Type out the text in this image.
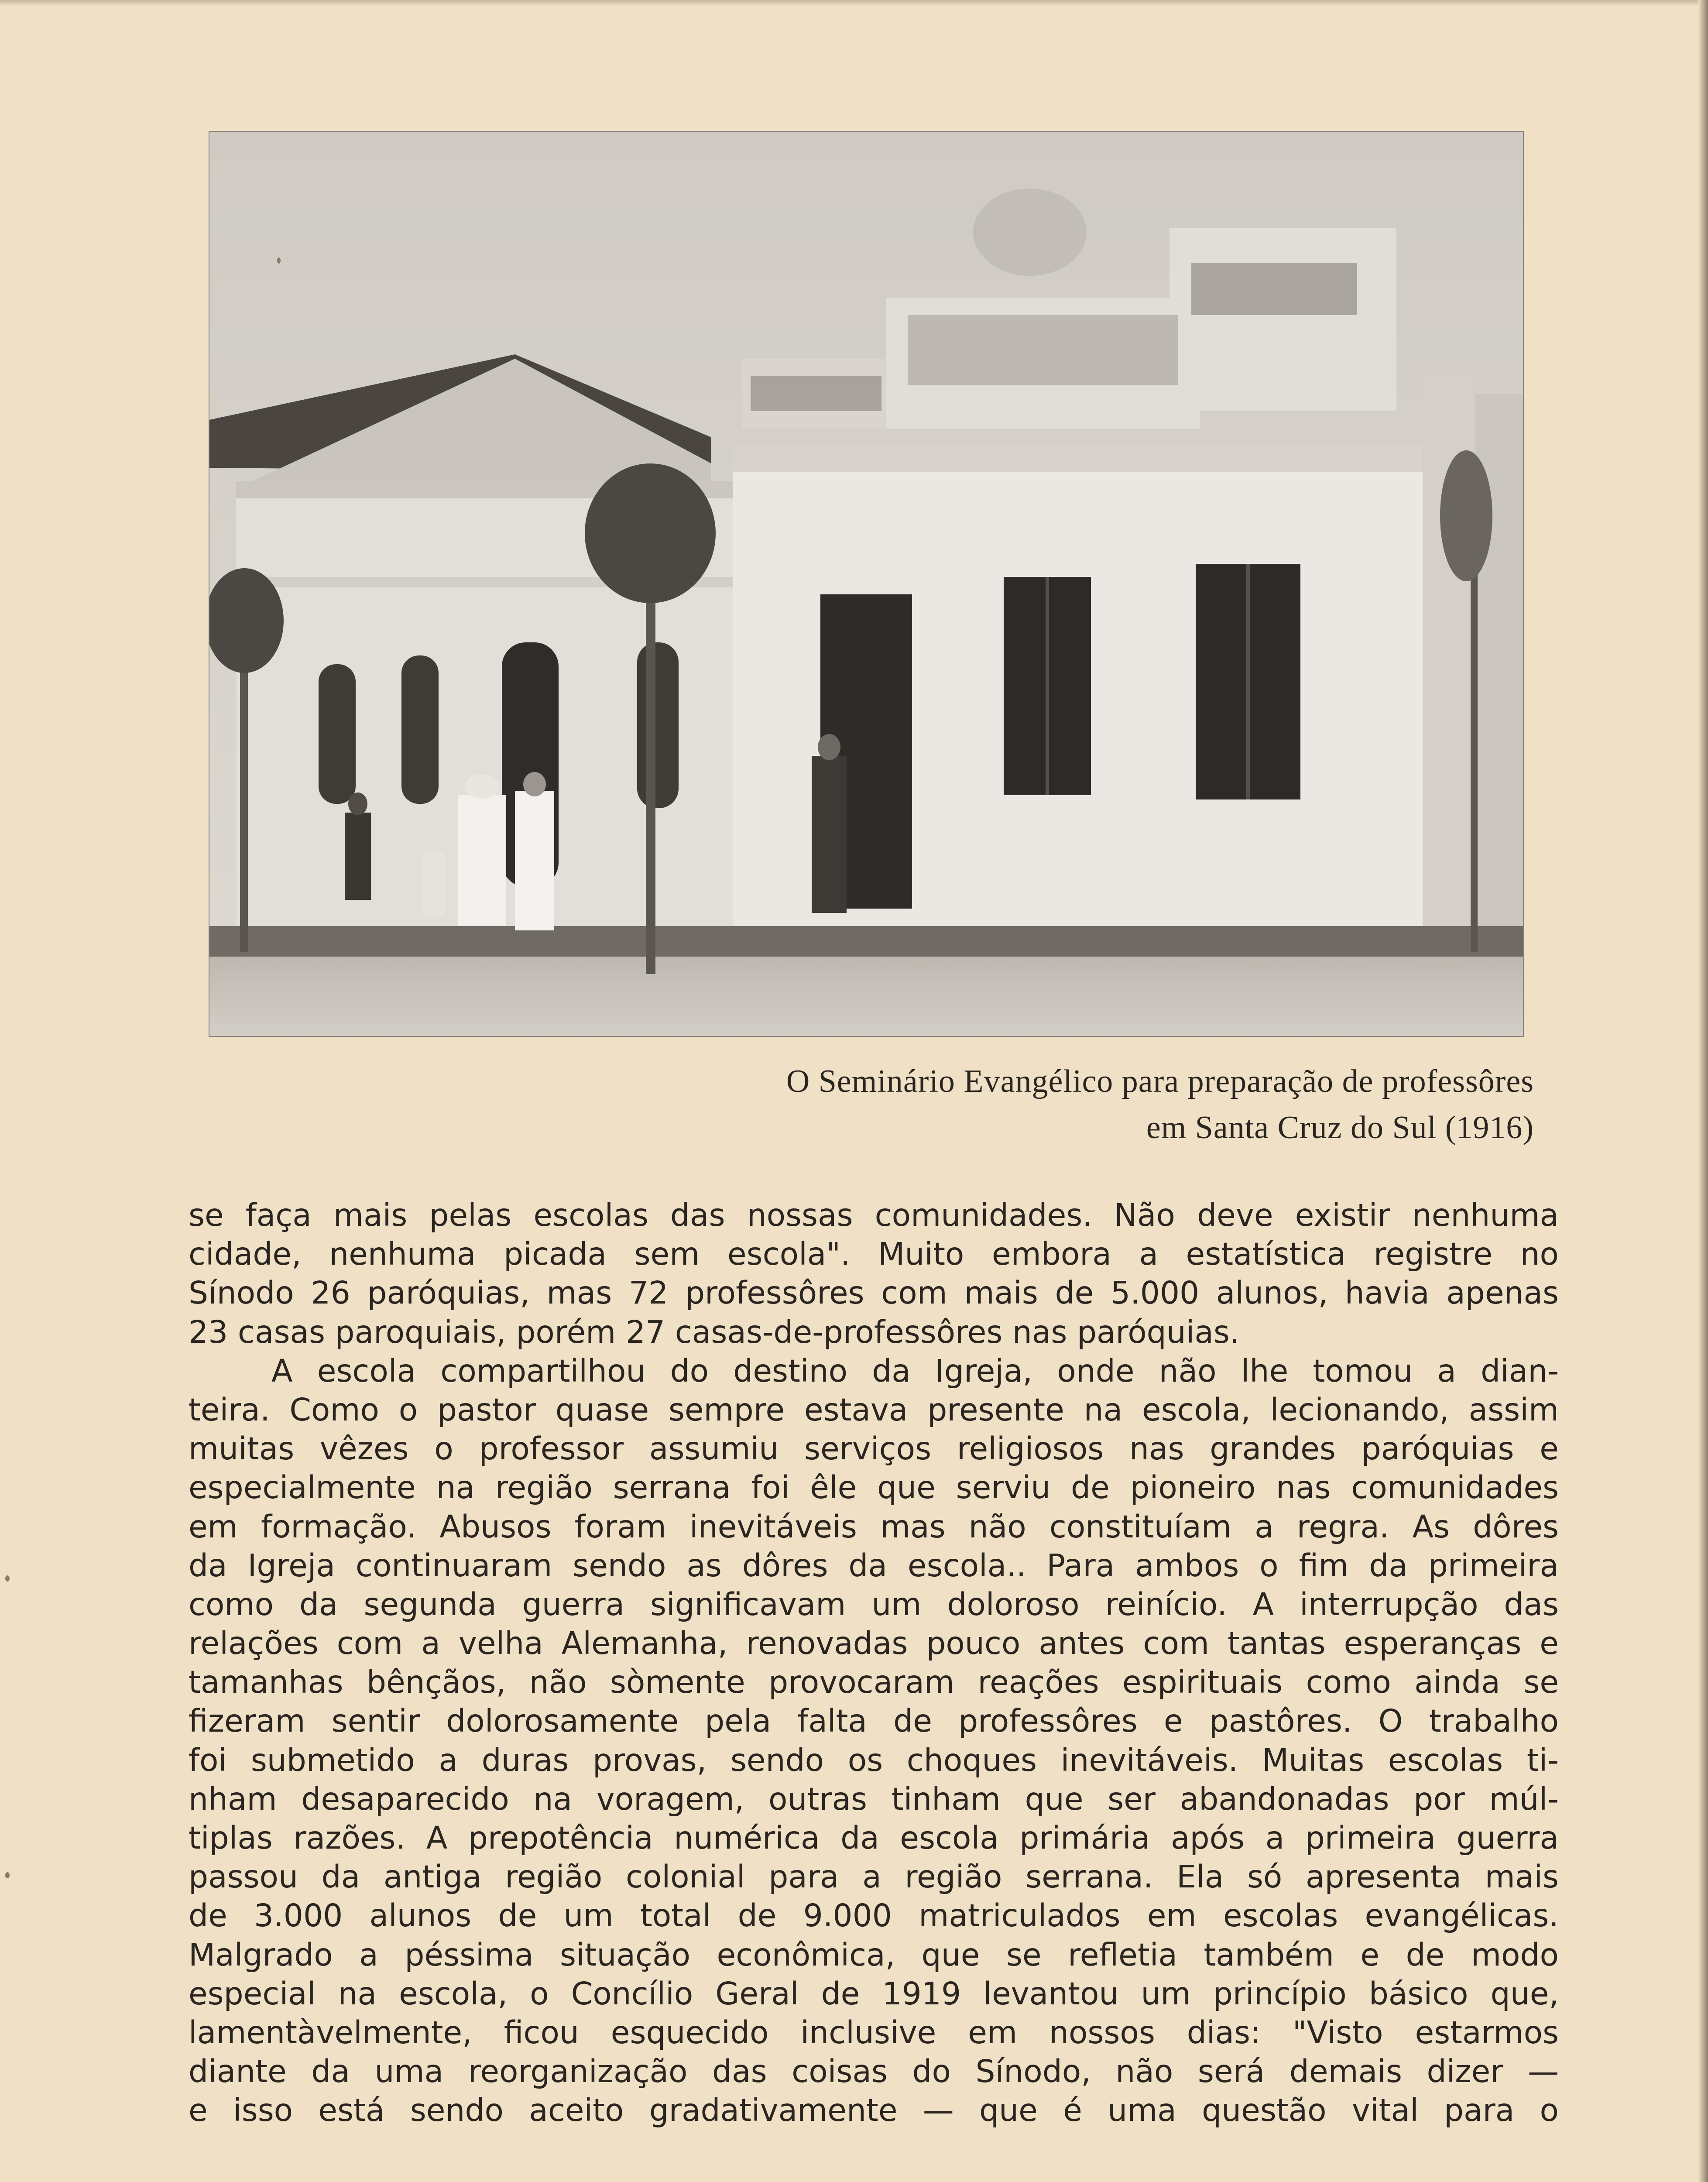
O Seminário Evangélico para preparação de professôres
em Santa Cruz do Sul (1916)
se faça mais pelas escolas das nossas comunidades. Não deve existir nenhuma
cidade, nenhuma picada sem escola". Muito embora a estatística registre no
Sínodo 26 paróquias, mas 72 professôres com mais de 5.000 alunos, havia apenas
23 casas paroquiais, porém 27 casas-de-professôres nas paróquias.
A escola compartilhou do destino da Igreja, onde não lhe tomou a dian-
teira. Como o pastor quase sempre estava presente na escola, lecionando, assim
muitas vêzes o professor assumiu serviços religiosos nas grandes paróquias e
especialmente na região serrana foi êle que serviu de pioneiro nas comunidades
em formação. Abusos foram inevitáveis mas não constituíam a regra. As dôres
da Igreja continuaram sendo as dôres da escola.. Para ambos o fim da primeira
como da segunda guerra significavam um doloroso reinício. A interrupção das
relações com a velha Alemanha, renovadas pouco antes com tantas esperanças e
tamanhas bênçãos, não sòmente provocaram reações espirituais como ainda se
fizeram sentir dolorosamente pela falta de professôres e pastôres. O trabalho
foi submetido a duras provas, sendo os choques inevitáveis. Muitas escolas ti-
nham desaparecido na voragem, outras tinham que ser abandonadas por múl-
tiplas razões. A prepotência numérica da escola primária após a primeira guerra
passou da antiga região colonial para a região serrana. Ela só apresenta mais
de 3.000 alunos de um total de 9.000 matriculados em escolas evangélicas.
Malgrado a péssima situação econômica, que se refletia também e de modo
especial na escola, o Concílio Geral de 1919 levantou um princípio básico que,
lamentàvelmente, ficou esquecido inclusive em nossos dias: "Visto estarmos
diante da uma reorganização das coisas do Sínodo, não será demais dizer —
e isso está sendo aceito gradativamente — que é uma questão vital para o
